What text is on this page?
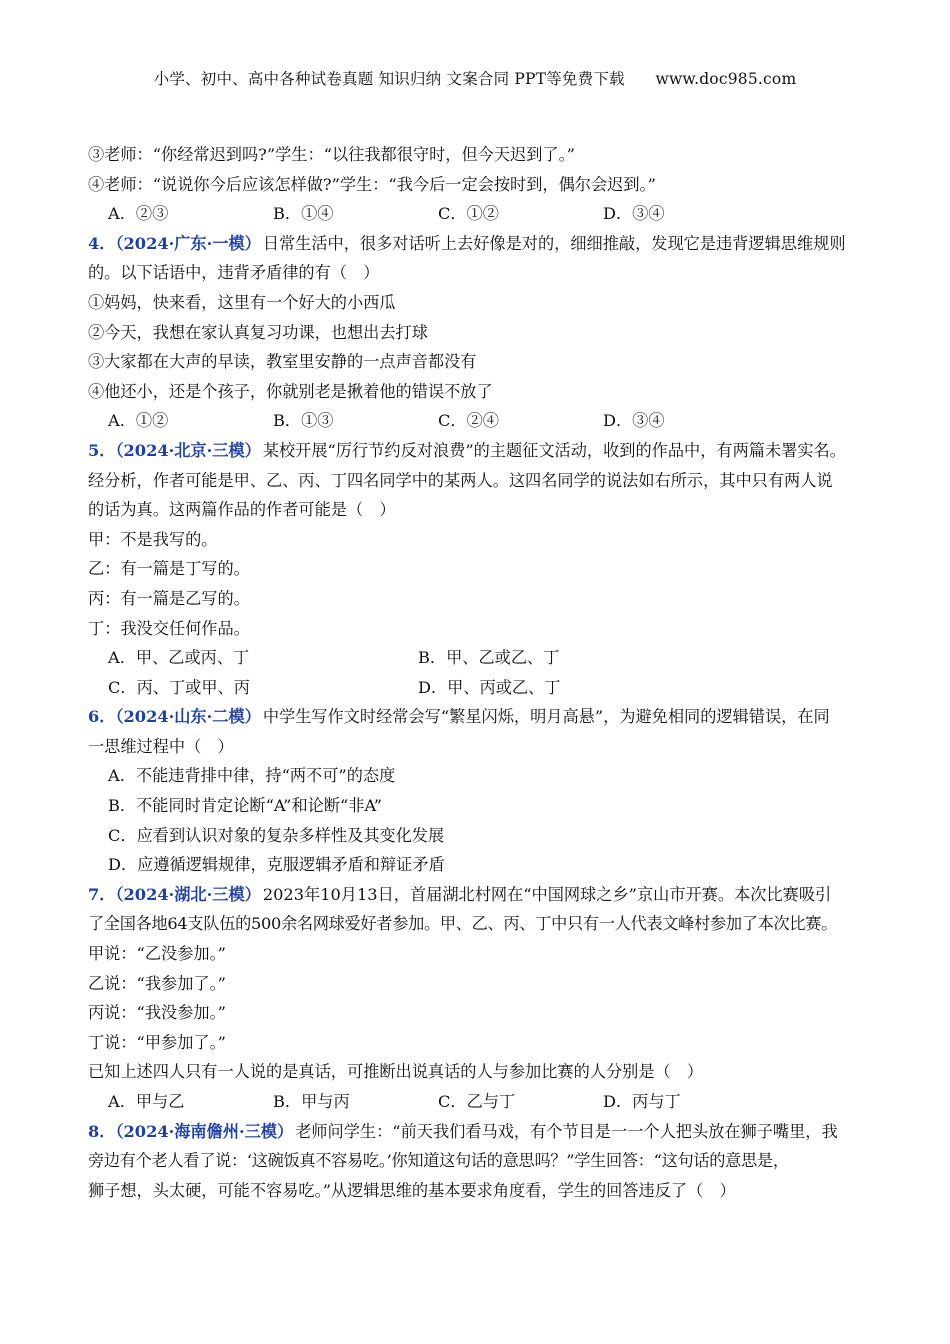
小学、初中、高中各种试卷真题 知识归纳 文案合同 PPT等免费下载 www.doc985.com
③老师：“你经常迟到吗?”学生：“以往我都很守时，但今天迟到了。”
④老师：“说说你今后应该怎样做?”学生：“我今后一定会按时到，偶尔会迟到。”
A．②③	B．①④	C．①②	D．③④
4．（2024·广东·一模） 日常生活中，很多对话听上去好像是对的，细细推敲，发现它是违背逻辑思维规则
的。以下话语中，违背矛盾律的有（　）
①妈妈，快来看，这里有一个好大的小西瓜
②今天，我想在家认真复习功课，也想出去打球
③大家都在大声的早读，教室里安静的一点声音都没有
④他还小，还是个孩子，你就别老是揪着他的错误不放了
A．①②	B．①③	C．②④	D．③④
5．（2024·北京·三模） 某校开展“厉行节约反对浪费”的主题征文活动，收到的作品中，有两篇未署实名。
经分析，作者可能是甲、乙、丙、丁四名同学中的某两人。这四名同学的说法如右所示，其中只有两人说
的话为真。这两篇作品的作者可能是（　）
甲：不是我写的。
乙：有一篇是丁写的。
丙：有一篇是乙写的。
丁：我没交任何作品。
A．甲、乙或丙、丁	B．甲、乙或乙、丁
C．丙、丁或甲、丙	D．甲、丙或乙、丁
6．（2024·山东·二模） 中学生写作文时经常会写“繁星闪烁，明月高悬”，为避免相同的逻辑错误，在同
一思维过程中（　）
A．不能违背排中律，持“两不可”的态度
B．不能同时肯定论断“A”和论断“非A”
C．应看到认识对象的复杂多样性及其变化发展
D．应遵循逻辑规律，克服逻辑矛盾和辩证矛盾
7．（2024·湖北·三模） 2023年10月13日，首届湖北村网在“中国网球之乡”京山市开赛。本次比赛吸引
了全国各地64支队伍的500余名网球爱好者参加。甲、乙、丙、丁中只有一人代表文峰村参加了本次比赛。
甲说：“乙没参加。”
乙说：“我参加了。”
丙说：“我没参加。”
丁说：“甲参加了。”
已知上述四人只有一人说的是真话，可推断出说真话的人与参加比赛的人分别是（　）
A．甲与乙	B．甲与丙	C．乙与丁	D．丙与丁
8．（2024·海南儋州·三模） 老师问学生：“前天我们看马戏，有个节目是一一个人把头放在狮子嘴里，我
旁边有个老人看了说：‘这碗饭真不容易吃。’你知道这句话的意思吗？”学生回答：“这句话的意思是，
狮子想，头太硬，可能不容易吃。”从逻辑思维的基本要求角度看，学生的回答违反了（　）
